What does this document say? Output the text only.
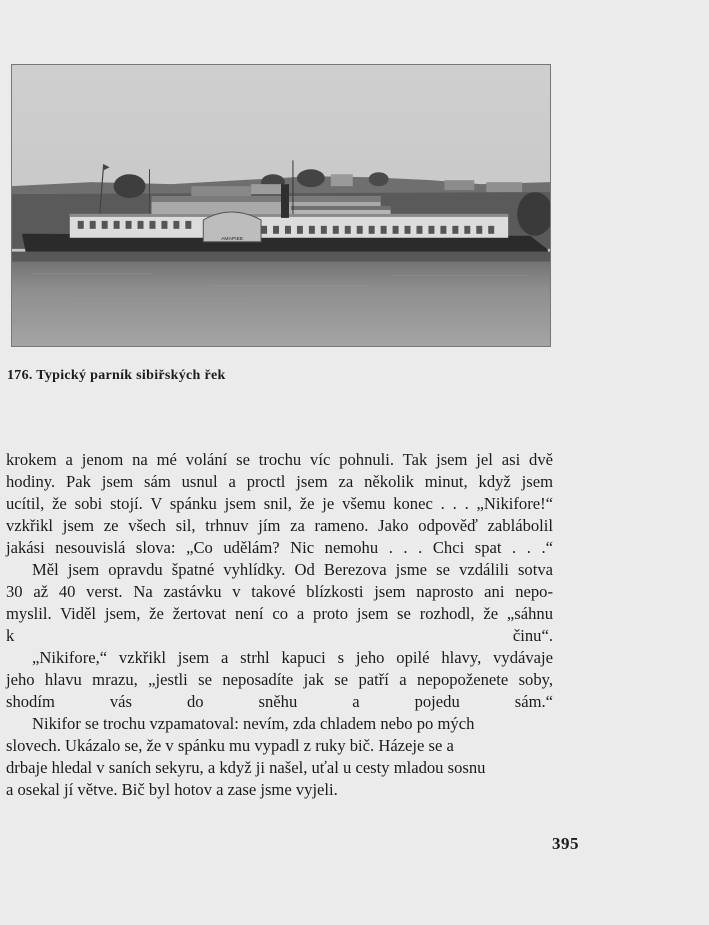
AMAPIEE
176. Typický parník sibiřských řek

krokem a jenom na mé volání se trochu víc pohnuli. Tak jsem jel asi dvě
hodiny. Pak jsem sám usnul a proctl jsem za několik minut, když jsem
ucítil, že sobi stojí. V spánku jsem snil, že je všemu konec . . . „Nikifore!“
vzkřikl jsem ze všech sil, trhnuv jím za rameno. Jako odpověď zablábolil
jakási nesouvislá slova: „Co udělám? Nic nemohu . . . Chci spat . . .“

Měl jsem opravdu špatné vyhlídky. Od Berezova jsme se vzdálili sotva
30 až 40 verst. Na zastávku v takové blízkosti jsem naprosto ani nepo-
myslil. Viděl jsem, že žertovat není co a proto jsem se rozhodl, že „sáhnu
k činu“.

„Nikifore,“ vzkřikl jsem a strhl kapuci s jeho opilé hlavy, vydávaje
jeho hlavu mrazu, „jestli se neposadíte jak se patří a nepopoženete soby,
shodím vás do sněhu a pojedu sám.“

Nikifor se trochu vzpamatoval: nevím, zda chladem nebo po mých
slovech. Ukázalo se, že v spánku mu vypadl z ruky bič. Házeje se a
drbaje hledal v saních sekyru, a když ji našel, uťal u cesty mladou sosnu
a osekal jí větve. Bič byl hotov a zase jsme vyjeli.

395
